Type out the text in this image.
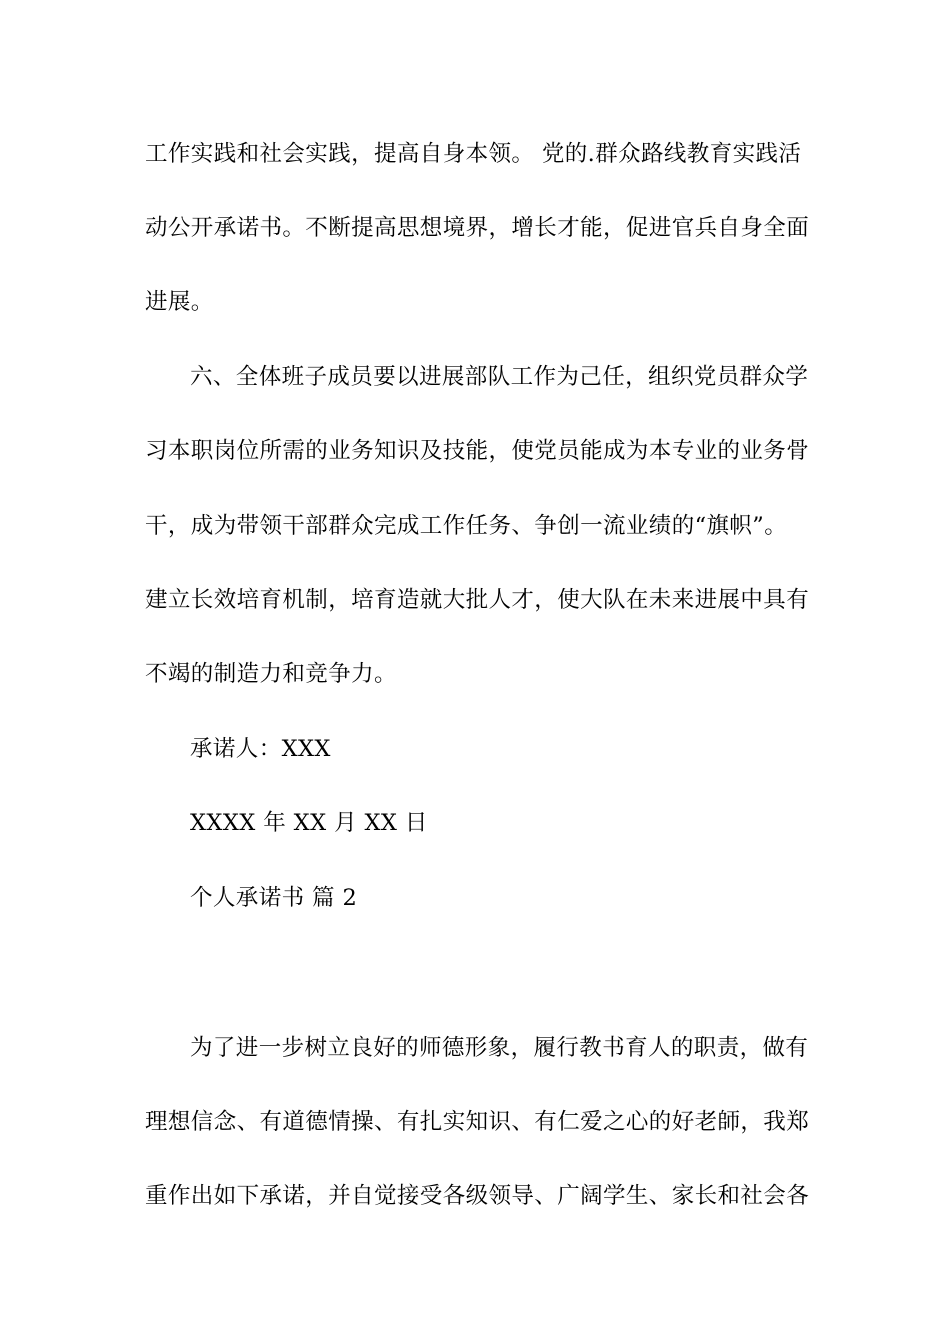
工作实践和社会实践，提高自身本领。 党的.群众路线教育实践活
动公开承诺书。不断提高思想境界，增长才能，促进官兵自身全面
进展。
六、全体班子成员要以进展部队工作为己任，组织党员群众学
习本职岗位所需的业务知识及技能，使党员能成为本专业的业务骨
干，成为带领干部群众完成工作任务、争创一流业绩的“旗帜”。
建立长效培育机制，培育造就大批人才，使大队在未来进展中具有
不竭的制造力和竞争力。
承诺人：XXX
XXXX 年 XX 月 XX 日
个人承诺书 篇 2
为了进一步树立良好的师德形象，履行教书育人的职责，做有
理想信念、有道德情操、有扎实知识、有仁爱之心的好老師，我郑
重作出如下承诺，并自觉接受各级领导、广阔学生、家长和社会各
